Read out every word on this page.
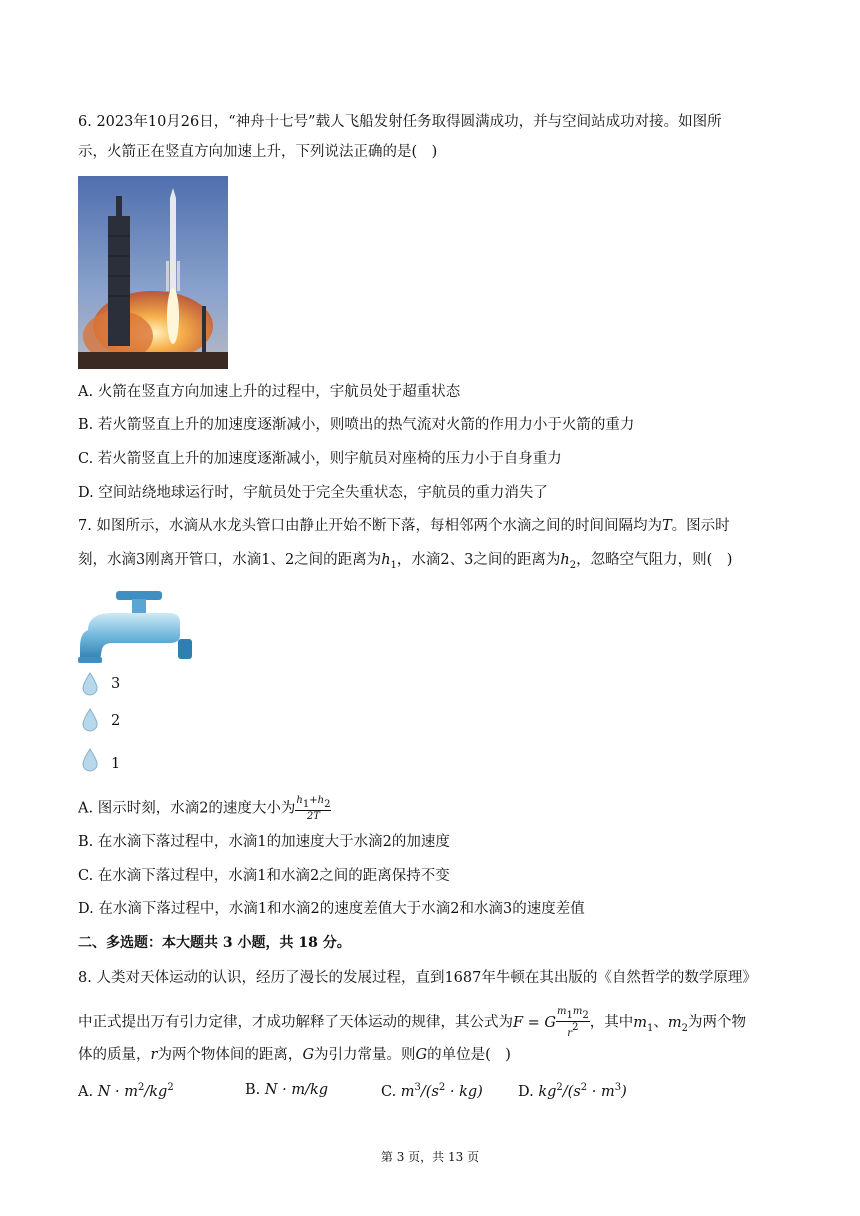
6. 2023年10月26日，“神舟十七号”载人飞船发射任务取得圆满成功，并与空间站成功对接。如图所
示，火箭正在竖直方向加速上升，下列说法正确的是(　)
A. 火箭在竖直方向加速上升的过程中，宇航员处于超重状态
B. 若火箭竖直上升的加速度逐渐减小，则喷出的热气流对火箭的作用力小于火箭的重力
C. 若火箭竖直上升的加速度逐渐减小，则宇航员对座椅的压力小于自身重力
D. 空间站绕地球运行时，宇航员处于完全失重状态，宇航员的重力消失了
7. 如图所示，水滴从水龙头管口由静止开始不断下落，每相邻两个水滴之间的时间间隔均为T。图示时
刻，水滴3刚离开管口，水滴1、2之间的距离为$h_1$，水滴2、3之间的距离为$h_2$，忽略空气阻力，则(　)
3
2
1
A. 图示时刻，水滴2的速度大小为 $\frac{h1+h2}{2T}$
B. 在水滴下落过程中，水滴1的加速度大于水滴2的加速度
C. 在水滴下落过程中，水滴1和水滴2之间的距离保持不变
D. 在水滴下落过程中，水滴1和水滴2的速度差值大于水滴2和水滴3的速度差值
二、多选题：本大题共 3 小题，共 18 分。
8. 人类对天体运动的认识，经历了漫长的发展过程，直到1687年牛顿在其出版的《自然哲学的数学原理》
中正式提出万有引力定律，才成功解释了天体运动的规律，其公式为F = G $\frac{m1m2}{r2}$ ，其中$m_1$、$m_2$为两个物
体的质量，r为两个物体间的距离，G为引力常量。则G的单位是(　)
A. $N \cdot m^2/kg^2$	B. N · m/kg	C. $m^3/(s^2 \cdot kg)$ D. $kg^2/(s^2 \cdot m^3)$
第 3 页，共 13 页
